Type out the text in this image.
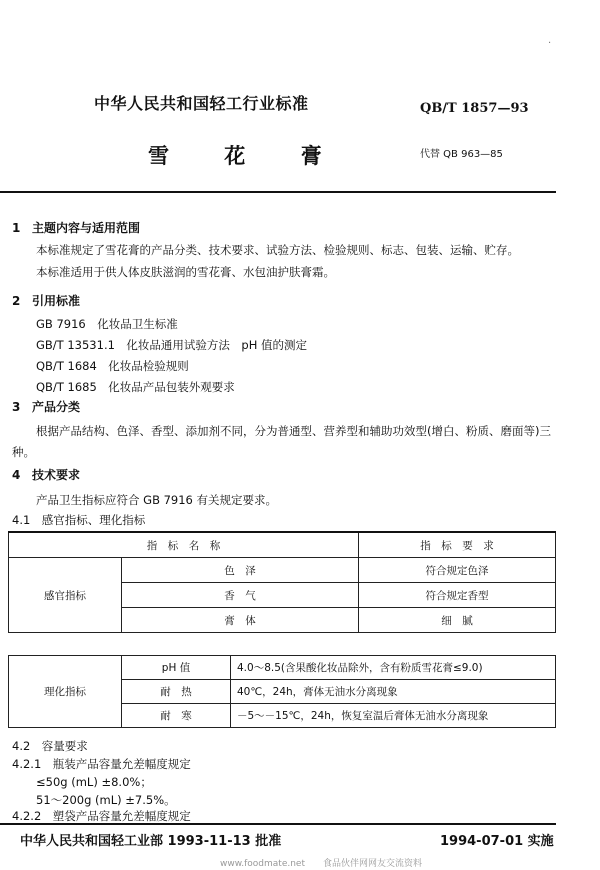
·
中华人民共和国轻工行业标准	QB/T 1857—93
雪 花 膏	代替 QB 963—85
1 主题内容与适用范围
本标准规定了雪花膏的产品分类、技术要求、试验方法、检验规则、标志、包装、运输、贮存。
本标准适用于供人体皮肤滋润的雪花膏、水包油护肤膏霜。
2 引用标准
GB 7916　 化妆品卫生标准
GB/T 13531.1　 化妆品通用试验方法　pH 值的测定
QB/T 1684　 化妆品检验规则
QB/T 1685　 化妆品产品包装外观要求
3 产品分类
根据产品结构、色泽、香型、添加剂不同，分为普通型、营养型和辅助功效型(增白、粉质、磨面等)三种。
4 技术要求
产品卫生指标应符合 GB 7916 有关规定要求。
4.1　感官指标、理化指标
指　标　名　称		指　标　要　求
感官指标	色　泽	符合规定色泽
	香　气	符合规定香型
	膏　体	细　腻
理化指标	pH 值	4.0～8.5(含果酸化妆品除外，含有粉质雪花膏≤9.0)
	耐　热	40℃，24h，膏体无油水分离现象
	耐　寒	－5～－15℃，24h，恢复室温后膏体无油水分离现象
4.2　容量要求
4.2.1　瓶装产品容量允差幅度规定
≤50g (mL) ±8.0%；
51～200g (mL) ±7.5%。
4.2.2　塑袋产品容量允差幅度规定
中华人民共和国轻工业部 1993-11-13 批准	1994-07-01 实施
www.foodmate.net　　食品伙伴网网友交流资料
